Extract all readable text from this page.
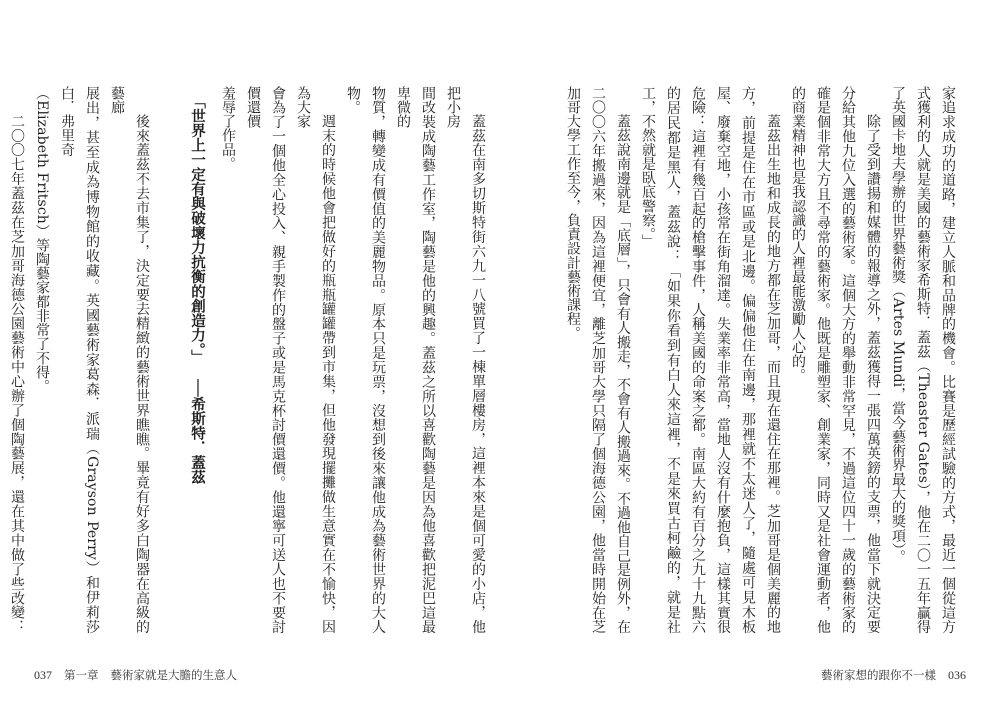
蓋茲在南多切斯特街六九一八號買了一棟單層樓房，這裡本來是個可愛的小店，他把小房

間改裝成陶藝工作室，陶藝是他的興趣。蓋茲之所以喜歡陶藝是因為他喜歡把泥巴這最卑微的

物質，轉變成有價值的美麗物品。原本只是玩票，沒想到後來讓他成為藝術世界的大人物。

週末的時候他會把做好的瓶瓶罐罐帶到市集，但他發現擺攤做生意實在不愉快，因為大家

會為了一個他全心投入、親手製作的盤子或是馬克杯討價還價。他還寧可送人也不要討價還價

羞辱了作品。

「世界上一定有與破壞力抗衡的創造力。」──希斯特．蓋茲

後來蓋茲不去市集了，決定要去精緻的藝術世界瞧瞧。畢竟有好多白陶器在高級的藝廊

展出，甚至成為博物館的收藏。英國藝術家葛森．派瑞（Grayson Perry）和伊莉莎白．弗里奇

（Elizabeth Fritsch）等陶藝家都非常了不得。

二〇〇七年蓋茲在芝加哥海德公園藝術中心辦了個陶藝展，還在其中做了些改變：

037 第一章 藝術家就是大膽的生意人

家追求成功的道路，建立人脈和品牌的機會。比賽是歷經試驗的方式，最近一個從這方式獲利的人就是美國的藝術家希斯特．蓋茲（Theaster Gates），他在二〇一五年贏得了英國卡地夫學辦的世界藝術獎（Artes Mundi，當今藝術界最大的獎項）。

除了受到讚揚和媒體的報導之外，蓋茲獲得一張四萬英鎊的支票，他當下就決定要分給其他九位入選的藝術家。這個大方的舉動非常罕見，不過這位四十一歲的藝術家的確是個非常大方且不尋常的藝術家。他既是雕塑家、創業家，同時又是社會運動者，他的商業精神也是我認識的人裡最能激勵人心的。

蓋茲出生地和成長的地方都在芝加哥，而且現在還住在那裡。芝加哥是個美麗的地方，前提是住在市區或是北邊。偏偏他住在南邊，那裡就不太迷人了，隨處可見木板屋、廢棄空地，小孩常在街角溜達。失業率非常高，當地人沒有什麼抱負，這樣其實很危險：這裡有幾百起的槍擊事件，人稱美國的命案之都。南區大約有百分之九十九點六的居民都是黑人，蓋茲說：「如果你看到有白人來這裡，不是來買古柯鹼的，就是社工，不然就是臥底警察。」

蓋茲說南邊就是「底層」，只會有人搬走，不會有人搬過來。不過他自己是例外，在二〇〇六年搬過來，因為這裡便宜，離芝加哥大學只隔了個海德公園，他當時開始在芝加哥大學工作至今，負責設計藝術課程。

藝術家想的跟你不一樣 036
